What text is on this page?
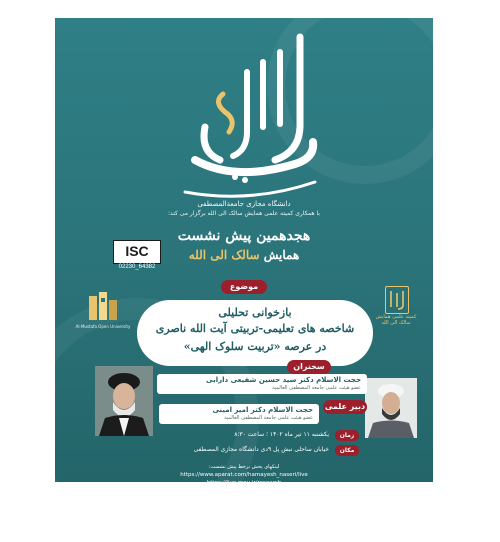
دانشگاه مجازی جامعةالمصطفی
با همکاری کمیته علمی همایش سالک الی الله برگزار می کند:
هجدهمین پیش نشست
همایش سالک الی الله
ISC
02230_64382
موضوع
Al-Mustafa Open University
کمیته علمی همایش سالک الی الله
بازخوانی تحلیلی
شاخصه های تعلیمی-تربیتی آیت الله ناصری
در عرصه «تربیت سلوک الهی»
سخنران
حجت الاسلام دکتر سید حسین شفیعی دارابی
عضو هیئت علمی جامعة المصطفی العالمیة
دبیر علمی
حجت الاسلام دکتر امیر امینی
عضو هیئت علمی جامعة المصطفی العالمیة
زمان
یکشنبه ۱۱ تیر ماه ۱۴۰۲ ؛ ساعت ۸:۳۰
مکان
خیابان ساحلی نبش پل ۹دی دانشگاه مجازی المصطفی
لینکهای پخش برخط پیش نشست:
https://www.aparat.com/hamayesh_naseri/live
https://live.mou.ir/research
